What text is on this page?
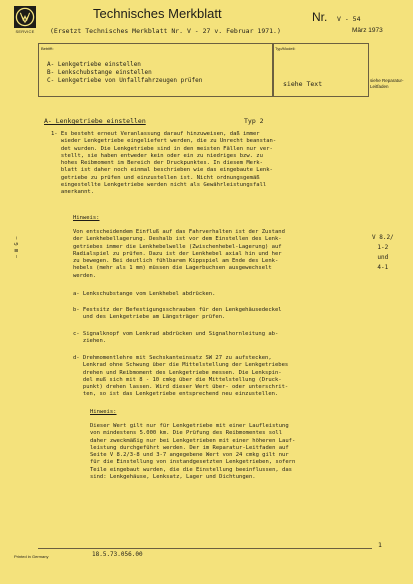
SERVICE
Technisches Merkblatt
(Ersetzt Technisches Merkblatt Nr. V - 27 v. Februar 1971.)
Nr. V - 54
März 1973
Betrifft:
A- Lenkgetriebe einstellen
B- Lenkschubstange einstellen
C- Lenkgetriebe von Unfallfahrzeugen prüfen
Typ/Modell:
siehe Text	siehe Reparatur-Leitfaden
A- Lenkgetriebe einstellen	Typ 2
1- Es besteht erneut Veranlassung darauf hinzuweisen, daß immer
wieder Lenkgetriebe eingeliefert werden, die zu Unrecht beanstan-
det wurden. Die Lenkgetriebe sind in den meisten Fällen nur ver-
stellt, sie haben entweder kein oder ein zu niedriges bzw. zu
hohes Reibmoment im Bereich der Druckpunktes. In diesem Merk-
blatt ist daher noch einmal beschrieben wie das eingebaute Lenk-
getriebe zu prüfen und einzustellen ist. Nicht ordnungsgemäß
eingestellte Lenkgetriebe werden nicht als Gewährleistungsfall
anerkannt.
Hinweis:
Von entscheidendem Einfluß auf das Fahrverhalten ist der Zustand
der Lenkhebellagerung. Deshalb ist vor dem Einstellen des Lenk-
getriebes immer die Lenkhebelwelle (Zwischenhebel-Lagerung) auf
Radialspiel zu prüfen. Dazu ist der Lenkhebel axial hin und her
zu bewegen. Bei deutlich fühlbarem Kippspiel am Ende des Lenk-
hebels (mehr als 1 mm) müssen die Lagerbuchsen ausgewechselt
werden.
a- Lenkschubstange vom Lenkhebel abdrücken.
b- Festsitz der Befestigungsschrauben für den Lenkgehäusedeckel
und des Lenkgetriebe am Längsträger prüfen.
c- Signalknopf vom Lenkrad abdrücken und Signalhornleitung ab-
ziehen.
d- Drehmomentlehre mit Sechskanteinsatz SW 27 zu aufstecken,
Lenkrad ohne Schwung über die Mittelstellung der Lenkgetriebes
drehen und Reibmoment des Lenkgetriebe messen. Die Lenkspin-
del muß sich mit 8 - 10 cmkg über die Mittelstellung (Druck-
punkt) drehen lassen. Wird dieser Wert über- oder unterschrit-
ten, so ist das Lenkgetriebe entsprechend neu einzustellen.
Hinweis:
Dieser Wert gilt nur für Lenkgetriebe mit einer Laufleistung
von mindestens 5.000 km. Die Prüfung des Reibmomentes soll
daher zweckmäßig nur bei Lenkgetrieben mit einer höheren Lauf-
leistung durchgeführt werden. Der im Reparatur-Leitfaden auf
Seite V 8.2/3-8 und 3-7 angegebene Wert von 24 cmkg gilt nur
für die Einstellung von instandgesetzten Lenkgetrieben, sofern
Teile eingebaut wurden, die die Einstellung beeinflussen, das
sind: Lenkgehäuse, Lenksatz, Lager und Dichtungen.
V 8.2/
1-2
und
4-1
— Ⅲ G —
Printed in Germany	18.5.73.056.00
1
